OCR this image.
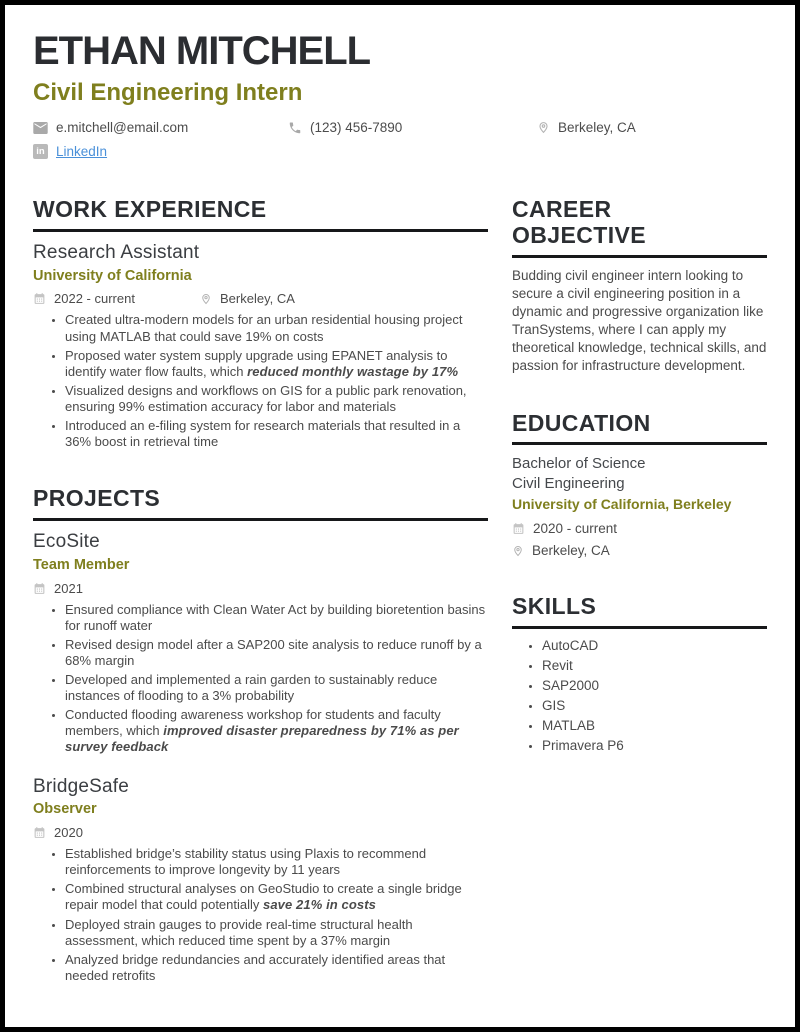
ETHAN MITCHELL
Civil Engineering Intern
e.mitchell@email.com	(123) 456-7890	Berkeley, CA
in LinkedIn
WORK EXPERIENCE
Research Assistant
University of California
2022 - current	Berkeley, CA
• Created ultra-modern models for an urban residential housing project using MATLAB that could save 19% on costs
• Proposed water system supply upgrade using EPANET analysis to identify water flow faults, which reduced monthly wastage by 17%
• Visualized designs and workflows on GIS for a public park renovation, ensuring 99% estimation accuracy for labor and materials
• Introduced an e-filing system for research materials that resulted in a 36% boost in retrieval time
PROJECTS
EcoSite
Team Member
2021
• Ensured compliance with Clean Water Act by building bioretention basins for runoff water
• Revised design model after a SAP200 site analysis to reduce runoff by a 68% margin
• Developed and implemented a rain garden to sustainably reduce instances of flooding to a 3% probability
• Conducted flooding awareness workshop for students and faculty members, which improved disaster preparedness by 71% as per survey feedback
BridgeSafe
Observer
2020
• Established bridge’s stability status using Plaxis to recommend reinforcements to improve longevity by 11 years
• Combined structural analyses on GeoStudio to create a single bridge repair model that could potentially save 21% in costs
• Deployed strain gauges to provide real-time structural health assessment, which reduced time spent by a 37% margin
• Analyzed bridge redundancies and accurately identified areas that needed retrofits
CAREER OBJECTIVE

Budding civil engineer intern looking to secure a civil engineering position in a dynamic and progressive organization like TranSystems, where I can apply my theoretical knowledge, technical skills, and passion for infrastructure development.

EDUCATION
Bachelor of Science
Civil Engineering
University of California, Berkeley
2020 - current
Berkeley, CA
SKILLS
• AutoCAD
• Revit
• SAP2000
• GIS
• MATLAB
• Primavera P6
